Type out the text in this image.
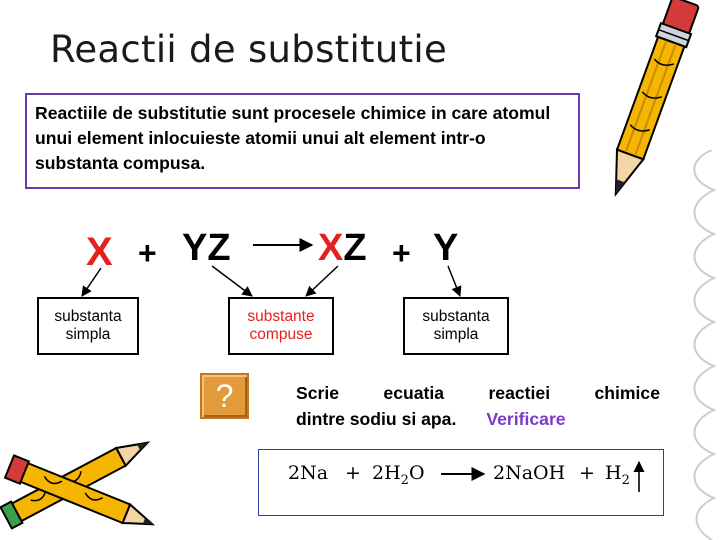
Reactii de substitutie
Reactiile de substitutie sunt procesele chimice in care atomul unui element inlocuieste atomii unui alt element intr-o substanta compusa.
X + YZ XZ + Y
substanta
simpla
substante
compuse
substanta
simpla
?	Scrie ecuatia reactiei chimice
dintre sodiu si apa. Verificare
$2Na + 2H_2O$	2NaOH + $H_2$
